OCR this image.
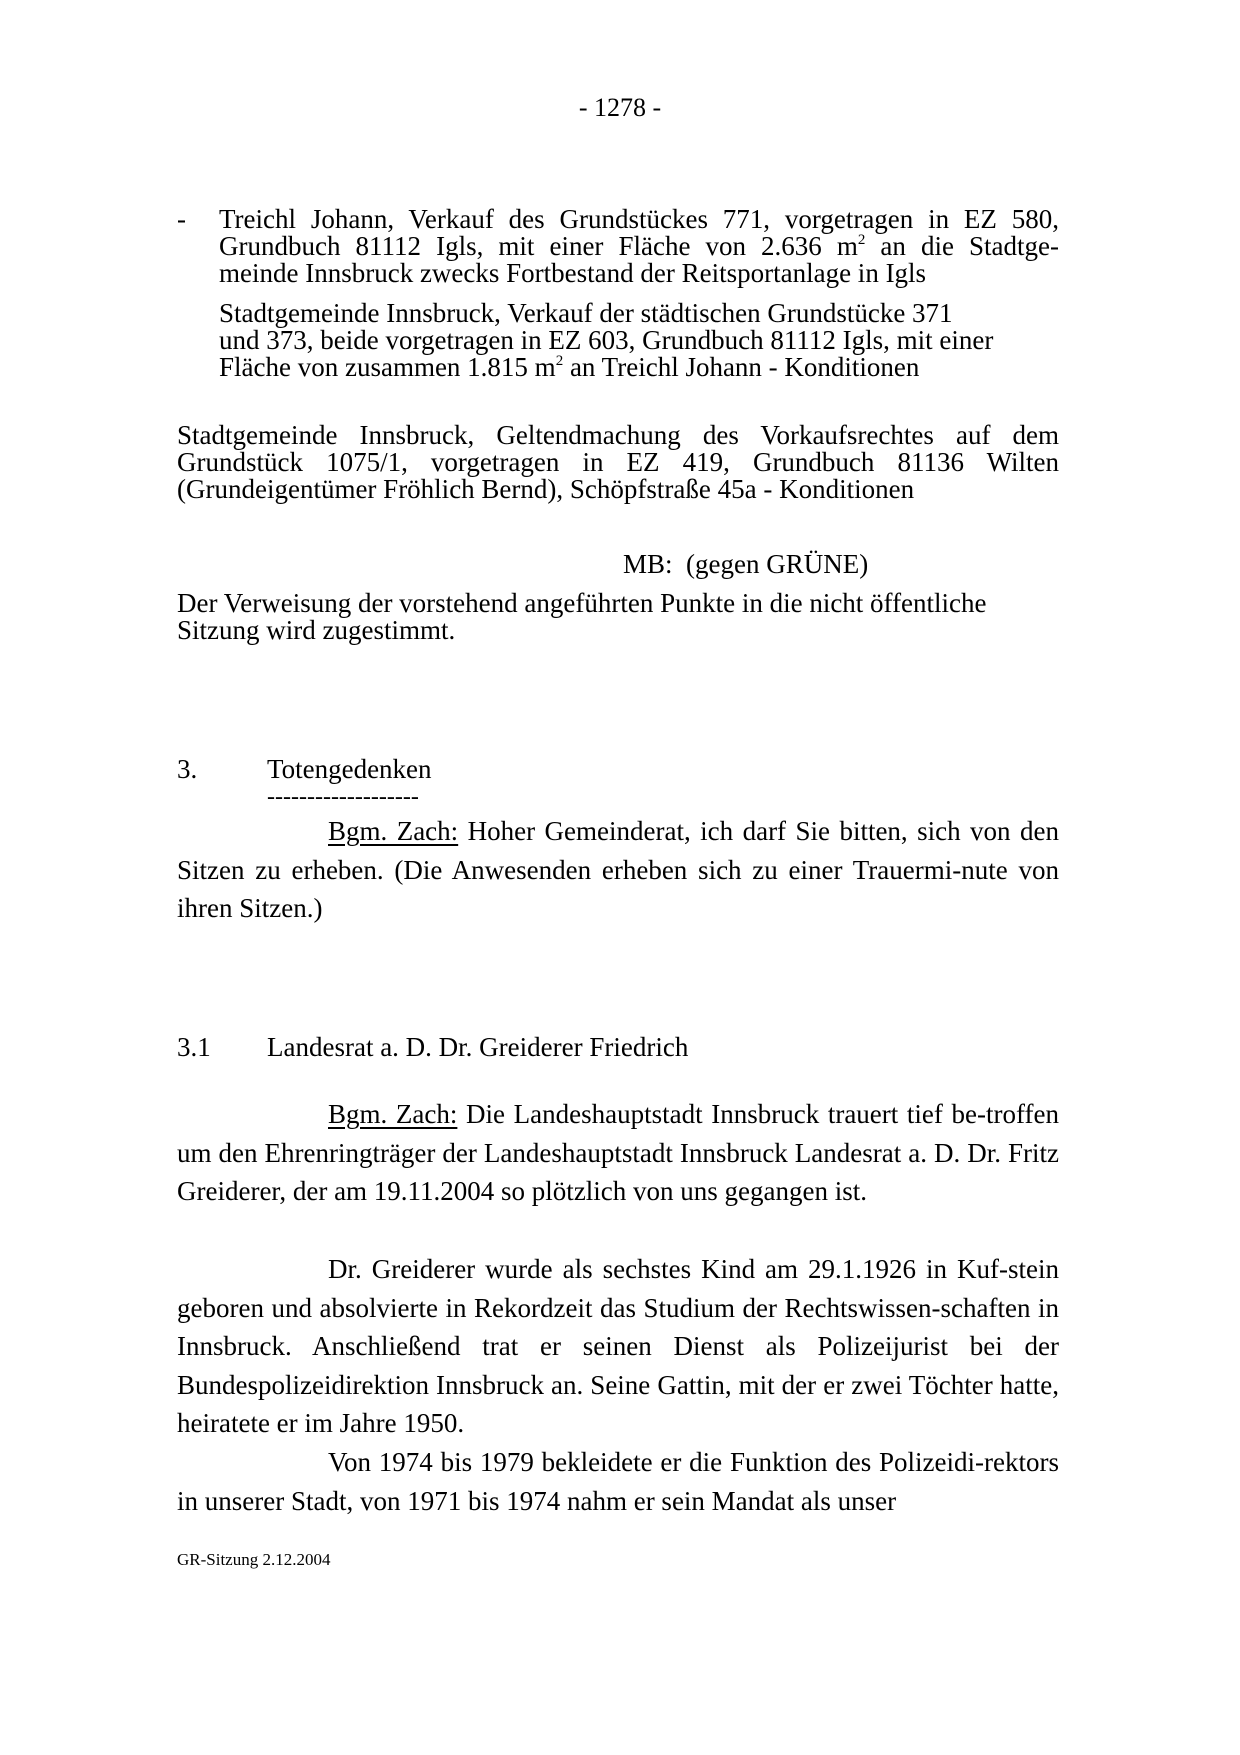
- 1278 -
- Treichl Johann, Verkauf des Grundstückes 771, vorgetragen in EZ 580,
Grundbuch 81112 Igls, mit einer Fläche von 2.636 $m^2$ an die Stadtge-
meinde Innsbruck zwecks Fortbestand der Reitsportanlage in Igls
Stadtgemeinde Innsbruck, Verkauf der städtischen Grundstücke 371
und 373, beide vorgetragen in EZ 603, Grundbuch 81112 Igls, mit einer
Fläche von zusammen 1.815 $m^2$ an Treichl Johann - Konditionen
Stadtgemeinde Innsbruck, Geltendmachung des Vorkaufsrechtes auf dem
Grundstück 1075/1, vorgetragen in EZ 419, Grundbuch 81136 Wilten
(Grundeigentümer Fröhlich Bernd), Schöpfstraße 45a - Konditionen
MB:  (gegen GRÜNE)
Der Verweisung der vorstehend angeführten Punkte in die nicht öffentliche
Sitzung wird zugestimmt.
3.	Totengedenken
-------------------
Bgm. Zach: Hoher Gemeinderat, ich darf Sie bitten, sich von den Sitzen zu erheben. (Die Anwesenden erheben sich zu einer Trauermi-nute von ihren Sitzen.)
3.1 Landesrat a. D. Dr. Greiderer Friedrich
Bgm. Zach: Die Landeshauptstadt Innsbruck trauert tief be-troffen um den Ehrenringträger der Landeshauptstadt Innsbruck Landesrat a. D. Dr. Fritz Greiderer, der am 19.11.2004 so plötzlich von uns gegangen ist.
Dr. Greiderer wurde als sechstes Kind am 29.1.1926 in Kuf-stein geboren und absolvierte in Rekordzeit das Studium der Rechtswissen-schaften in Innsbruck. Anschließend trat er seinen Dienst als Polizeijurist bei der Bundespolizeidirektion Innsbruck an. Seine Gattin, mit der er zwei Töchter hatte, heiratete er im Jahre 1950.
Von 1974 bis 1979 bekleidete er die Funktion des Polizeidi-rektors in unserer Stadt, von 1971 bis 1974 nahm er sein Mandat als unser
GR-Sitzung 2.12.2004
